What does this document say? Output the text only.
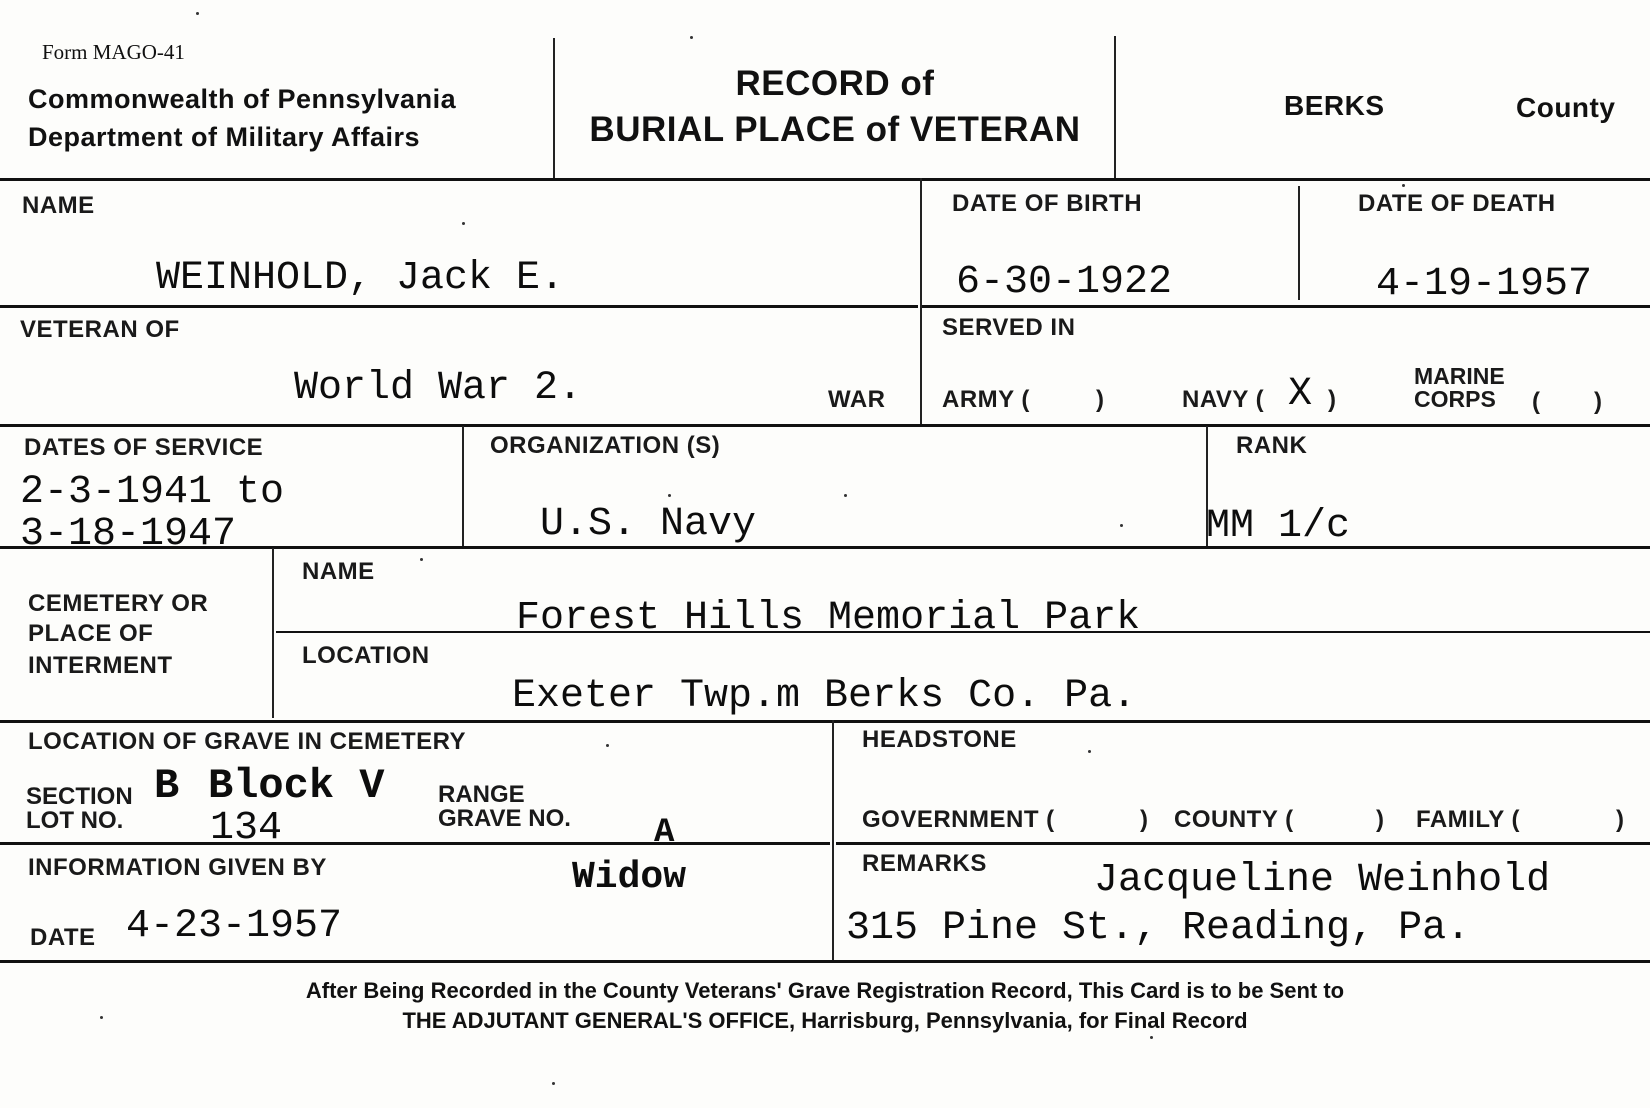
Form MAGO-41
Commonwealth of Pennsylvania
Department of Military Affairs
RECORD of
BURIAL PLACE of VETERAN
BERKS	County
NAME
WEINHOLD, Jack E.
DATE OF BIRTH
6-30-1922
DATE OF DEATH
4-19-1957
VETERAN OF
World War 2.	WAR
SERVED IN
ARMY (	)	NAVY ( X )
MARINE
CORPS ( )
DATES OF SERVICE
2-3-1941 to
3-18-1947
ORGANIZATION (S)
U.S. Navy
RANK
MM 1/c
CEMETERY OR
PLACE OF
INTERMENT
NAME
Forest Hills Memorial Park
LOCATION
Exeter Twp.m Berks Co. Pa.
LOCATION OF GRAVE IN CEMETERY
SECTION B Block V
LOT NO. 134
RANGE
GRAVE NO. A
HEADSTONE
GOVERNMENT (	) COUNTY (	) FAMILY (	)
INFORMATION GIVEN BY	Widow
DATE 4-23-1957
REMARKS	Jacqueline Weinhold
315 Pine St., Reading, Pa.
After Being Recorded in the County Veterans' Grave Registration Record, This Card is to be Sent to
THE ADJUTANT GENERAL'S OFFICE, Harrisburg, Pennsylvania, for Final Record
